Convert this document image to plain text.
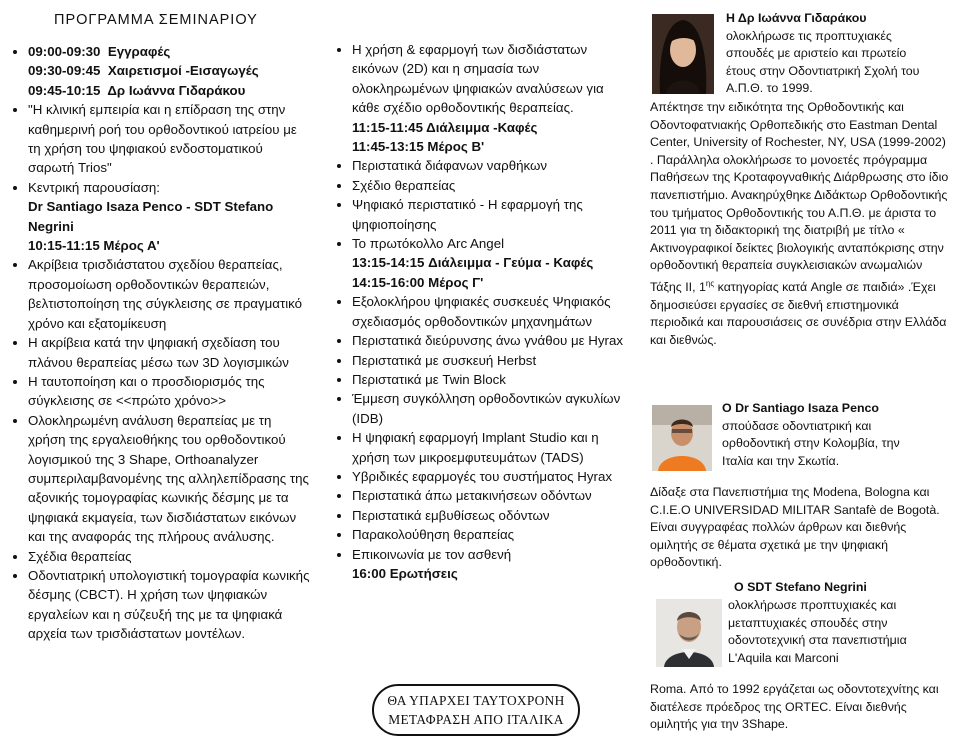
ΠΡΟΓΡΑΜΜΑ ΣΕΜΙΝΑΡΙΟΥ
• 09:00-09:30 Εγγραφές
09:30-09:45 Χαιρετισμοί -Εισαγωγές
09:45-10:15 Δρ Ιωάννα Γιδαράκου
• "Η κλινική εμπειρία και η επίδραση της στην καθημερινή ροή του ορθοδοντικού ιατρείου με τη χρήση του ψηφιακού ενδοστοματικού σαρωτή Trios"
• Κεντρική παρουσίαση:
Dr Santiago Isaza Penco - SDT Stefano Negrini
10:15-11:15 Μέρος Α'
• Ακρίβεια τρισδιάστατου σχεδίου θεραπείας, προσομοίωση ορθοδοντικών θεραπειών, βελτιστοποίηση της σύγκλεισης σε πραγματικό χρόνο και εξατομίκευση
• Η ακρίβεια κατά την ψηφιακή σχεδίαση του πλάνου θεραπείας μέσω των 3D λογισμικών
• Η ταυτοποίηση και ο προσδιορισμός της σύγκλεισης σε <<πρώτο χρόνο>>
• Ολοκληρωμένη ανάλυση θεραπείας με τη χρήση της εργαλειοθήκης του ορθοδοντικού λογισμικού της 3 Shape, Orthoanalyzer συμπεριλαμβανομένης της αλληλεπίδρασης της αξονικής τομογραφίας κωνικής δέσμης με τα ψηφιακά εκμαγεία, των δισδιάστατων εικόνων και της αναφοράς της πλήρους ανάλυσης.
• Σχέδια θεραπείας
• Οδοντιατρική υπολογιστική τομογραφία κωνικής δέσμης (CBCT). Η χρήση των ψηφιακών εργαλείων και η σύζευξή της με τα ψηφιακά αρχεία των τρισδιάστατων μοντέλων.
• Η χρήση & εφαρμογή των δισδιάστατων εικόνων (2D) και η σημασία των ολοκληρωμένων ψηφιακών αναλύσεων για κάθε σχέδιο ορθοδοντικής θεραπείας.
11:15-11:45 Διάλειμμα -Καφές
11:45-13:15 Μέρος Β'
• Περιστατικά διάφανων ναρθήκων
• Σχέδιο θεραπείας
• Ψηφιακό περιστατικό - Η εφαρμογή της ψηφιοποίησης
• Το πρωτόκολλο Arc Angel
13:15-14:15 Διάλειμμα - Γεύμα - Καφές
14:15-16:00 Μέρος Γ'
• Εξολοκλήρου ψηφιακές συσκευές Ψηφιακός σχεδιασμός ορθοδοντικών μηχανημάτων
• Περιστατικά διεύρυνσης άνω γνάθου με Hyrax
• Περιστατικά με συσκευή Herbst
• Περιστατικά με Twin Block
• Έμμεση συγκόλληση ορθοδοντικών αγκυλίων (IDB)
• Η ψηφιακή εφαρμογή Implant Studio και η χρήση των μικροεμφυτευμάτων (TADS)
• Υβριδικές εφαρμογές του συστήματος Hyrax
• Περιστατικά άπω μετακινήσεων οδόντων
• Περιστατικά εμβυθίσεως οδόντων
• Παρακολούθηση θεραπείας
• Επικοινωνία με τον ασθενή
16:00 Ερωτήσεις
ΘΑ ΥΠΑΡΧΕΙ ΤΑΥΤΟΧΡΟΝΗ
ΜΕΤΑΦΡΑΣΗ ΑΠΟ ΙΤΑΛΙΚΑ
Η Δρ Ιωάννα Γιδαράκου
ολοκλήρωσε τις προπτυχιακές
σπουδές με αριστείο και πρωτείο
έτους στην Οδοντιατρική Σχολή του
Α.Π.Θ. το 1999.
Απέκτησε την ειδικότητα της Ορθοδοντικής και Οδοντοφατνιακής Ορθοπεδικής στο Eastman Dental Center, University of Rochester, NY, USA (1999-2002) . Παράλληλα ολοκλήρωσε το μονοετές πρόγραμμα Παθήσεων της Κροταφογναθικής Διάρθρωσης στο ίδιο πανεπιστήμιο. Ανακηρύχθηκε Διδάκτωρ Ορθοδοντικής του τμήματος Ορθοδοντικής του Α.Π.Θ. με άριστα το 2011 για τη διδακτορική της διατριβή με τίτλο « Ακτινογραφικοί δείκτες βιολογικής ανταπόκρισης στην ορθοδοντική θεραπεία συγκλεισιακών ανωμαλιών Τάξης ΙΙ, $1^{\eta\varsigma}$ κατηγορίας κατά Angle σε παιδιά» .Έχει δημοσιεύσει εργασίες σε διεθνή επιστημονικά περιοδικά και παρουσιάσεις σε συνέδρια στην Ελλάδα και διεθνώς.
O Dr Santiago Isaza Penco
σπούδασε οδοντιατρική και
ορθοδοντική στην Κολομβία, την
Ιταλία και την Σκωτία.
Δίδαξε στα Πανεπιστήμια της Modena, Bologna και C.I.E.O UNIVERSIDAD MILITAR Santafè de Bogotà. Είναι συγγραφέας πολλών άρθρων και διεθνής ομιλητής σε θέματα σχετικά με την ψηφιακή ορθοδοντική.
O SDT Stefano Negrini
ολοκλήρωσε προπτυχιακές και
μεταπτυχιακές σπουδές στην
οδοντοτεχνική στα πανεπιστήμια
L'Aquila και Marconi
Roma. Από το 1992 εργάζεται ως οδοντοτεχνίτης και διατέλεσε πρόεδρος της ORTEC. Είναι διεθνής ομιλητής για την 3Shape.
